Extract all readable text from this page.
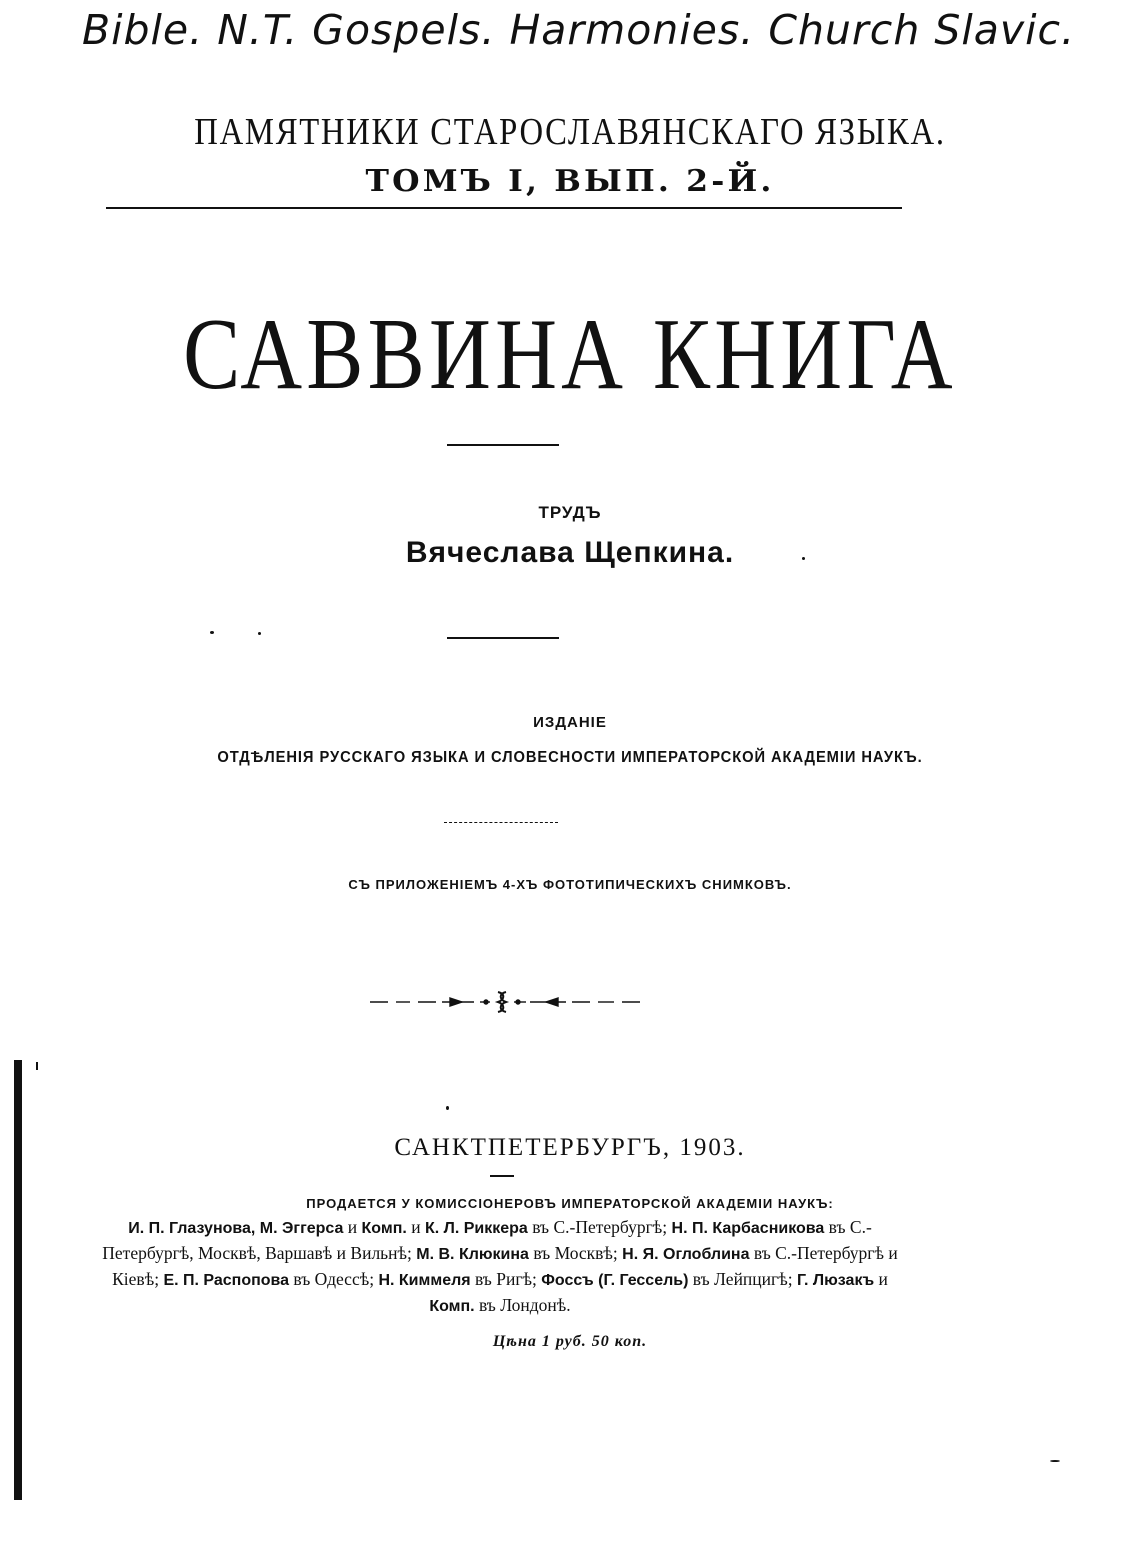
Bible. N.T. Gospels. Harmonies. Church Slavic.
ПАМЯТНИКИ СТАРОСЛАВЯНСКАГО ЯЗЫКА.
ТОМЪ I, ВЫП. 2-Й.
САВВИНА КНИГА
ТРУДЪ
Вячеслава Щепкина.
ИЗДАНІЕ
ОТДѢЛЕНІЯ РУССКАГО ЯЗЫКА И СЛОВЕСНОСТИ ИМПЕРАТОРСКОЙ АКАДЕМІИ НАУКЪ.
СЪ ПРИЛОЖЕНІЕМЪ 4-ХЪ ФОТОТИПИЧЕСКИХЪ СНИМКОВЪ.
САНКТПЕТЕРБУРГЪ, 1903.
ПРОДАЕТСЯ У КОМИССІОНЕРОВЪ ИМПЕРАТОРСКОЙ АКАДЕМІИ НАУКЪ:
И. П. Глазунова, М. Эггерса и Комп. и К. Л. Риккера въ С.-Петербургѣ; Н. П. Карбасникова въ С.-Петербургѣ, Москвѣ, Варшавѣ и Вильнѣ; М. В. Клюкина въ Москвѣ; Н. Я. Оглоблина въ С.-Петербургѣ и Кіевѣ; Е. П. Распопова въ Одессѣ; Н. Киммеля въ Ригѣ; Фоссъ (Г. Гессель) въ Лейпцигѣ; Г. Люзакъ и Комп. въ Лондонѣ.
Цѣна 1 руб. 50 коп.
